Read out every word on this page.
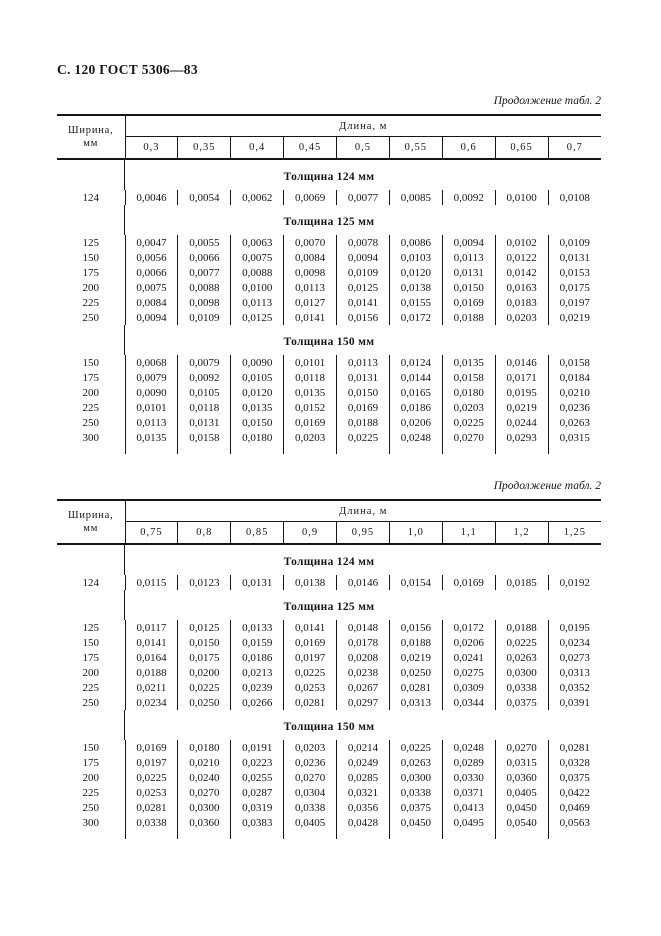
С. 120 ГОСТ 5306—83
Продолжение табл. 2
Ширина,
мм	Длина, м								
	0,3	0,35	0,4	0,45	0,5	0,55	0,6	0,65	0,7
Толщина 124 мм									
124	0,0046	0,0054	0,0062	0,0069	0,0077	0,0085	0,0092	0,0100	0,0108
Толщина 125 мм									
125	0,0047	0,0055	0,0063	0,0070	0,0078	0,0086	0,0094	0,0102	0,0109
150	0,0056	0,0066	0,0075	0,0084	0,0094	0,0103	0,0113	0,0122	0,0131
175	0,0066	0,0077	0,0088	0,0098	0,0109	0,0120	0,0131	0,0142	0,0153
200	0,0075	0,0088	0,0100	0,0113	0,0125	0,0138	0,0150	0,0163	0,0175
225	0,0084	0,0098	0,0113	0,0127	0,0141	0,0155	0,0169	0,0183	0,0197
250	0,0094	0,0109	0,0125	0,0141	0,0156	0,0172	0,0188	0,0203	0,0219
Толщина 150 мм									
150	0,0068	0,0079	0,0090	0,0101	0,0113	0,0124	0,0135	0,0146	0,0158
175	0,0079	0,0092	0,0105	0,0118	0,0131	0,0144	0,0158	0,0171	0,0184
200	0,0090	0,0105	0,0120	0,0135	0,0150	0,0165	0,0180	0,0195	0,0210
225	0,0101	0,0118	0,0135	0,0152	0,0169	0,0186	0,0203	0,0219	0,0236
250	0,0113	0,0131	0,0150	0,0169	0,0188	0,0206	0,0225	0,0244	0,0263
300	0,0135	0,0158	0,0180	0,0203	0,0225	0,0248	0,0270	0,0293	0,0315

Продолжение табл. 2
Ширина,
мм	Длина, м								
	0,75	0,8	0,85	0,9	0,95	1,0	1,1	1,2	1,25
Толщина 124 мм									
124	0,0115	0,0123	0,0131	0,0138	0,0146	0,0154	0,0169	0,0185	0,0192
Толщина 125 мм									
125	0,0117	0,0125	0,0133	0,0141	0,0148	0,0156	0,0172	0,0188	0,0195
150	0,0141	0,0150	0,0159	0,0169	0,0178	0,0188	0,0206	0,0225	0,0234
175	0,0164	0,0175	0,0186	0,0197	0,0208	0,0219	0,0241	0,0263	0,0273
200	0,0188	0,0200	0,0213	0,0225	0,0238	0,0250	0,0275	0,0300	0,0313
225	0,0211	0,0225	0,0239	0,0253	0,0267	0,0281	0,0309	0,0338	0,0352
250	0,0234	0,0250	0,0266	0,0281	0,0297	0,0313	0,0344	0,0375	0,0391
Толщина 150 мм									
150	0,0169	0,0180	0,0191	0,0203	0,0214	0,0225	0,0248	0,0270	0,0281
175	0,0197	0,0210	0,0223	0,0236	0,0249	0,0263	0,0289	0,0315	0,0328
200	0,0225	0,0240	0,0255	0,0270	0,0285	0,0300	0,0330	0,0360	0,0375
225	0,0253	0,0270	0,0287	0,0304	0,0321	0,0338	0,0371	0,0405	0,0422
250	0,0281	0,0300	0,0319	0,0338	0,0356	0,0375	0,0413	0,0450	0,0469
300	0,0338	0,0360	0,0383	0,0405	0,0428	0,0450	0,0495	0,0540	0,0563
